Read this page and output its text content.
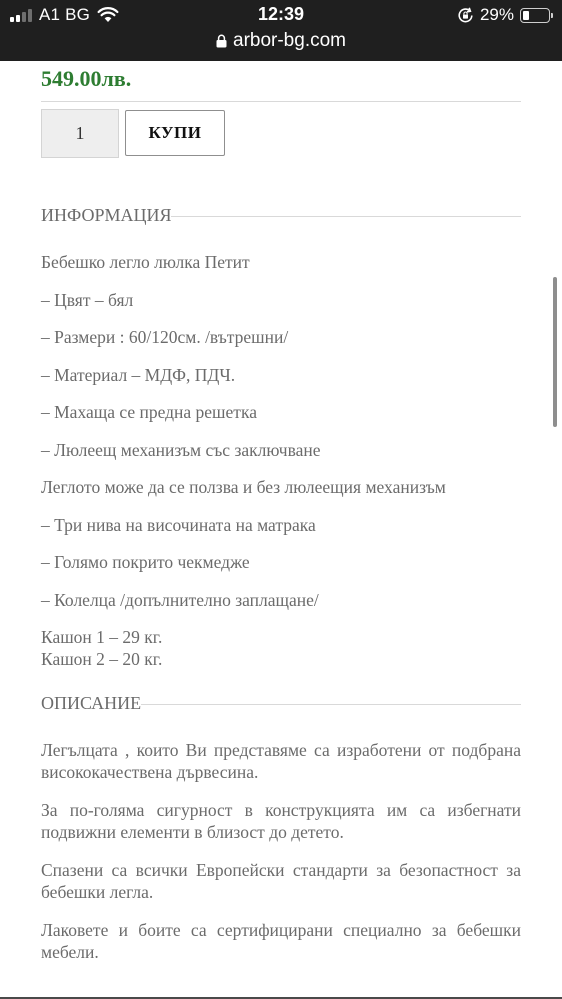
A1 BG	12:39	29%
arbor-bg.com
549.00лв.
1
КУПИ
ИНФОРМАЦИЯ
Бебешко легло люлка Петит
– Цвят – бял
– Размери : 60/120см. /вътрешни/
– Материал – МДФ, ПДЧ.
– Махаща се предна решетка
– Люлеещ механизъм със заключване
Леглото може да се ползва и без люлеещия механизъм
– Три нива на височината на матрака
– Голямо покрито чекмедже
– Колелца /допълнително заплащане/
Кашон 1 – 29 кг.
Кашон 2 – 20 кг.
ОПИСАНИЕ

Легълцата , които Ви представяме са изработени от подбрана висококачествена дървесина.

За по-голяма сигурност в конструкцията им са избегнати подвижни елементи в близост до детето.

Спазени са всички Европейски стандарти за безопастност за бебешки легла.

Лаковете и боите са сертифицирани специално за бебешки мебели.
